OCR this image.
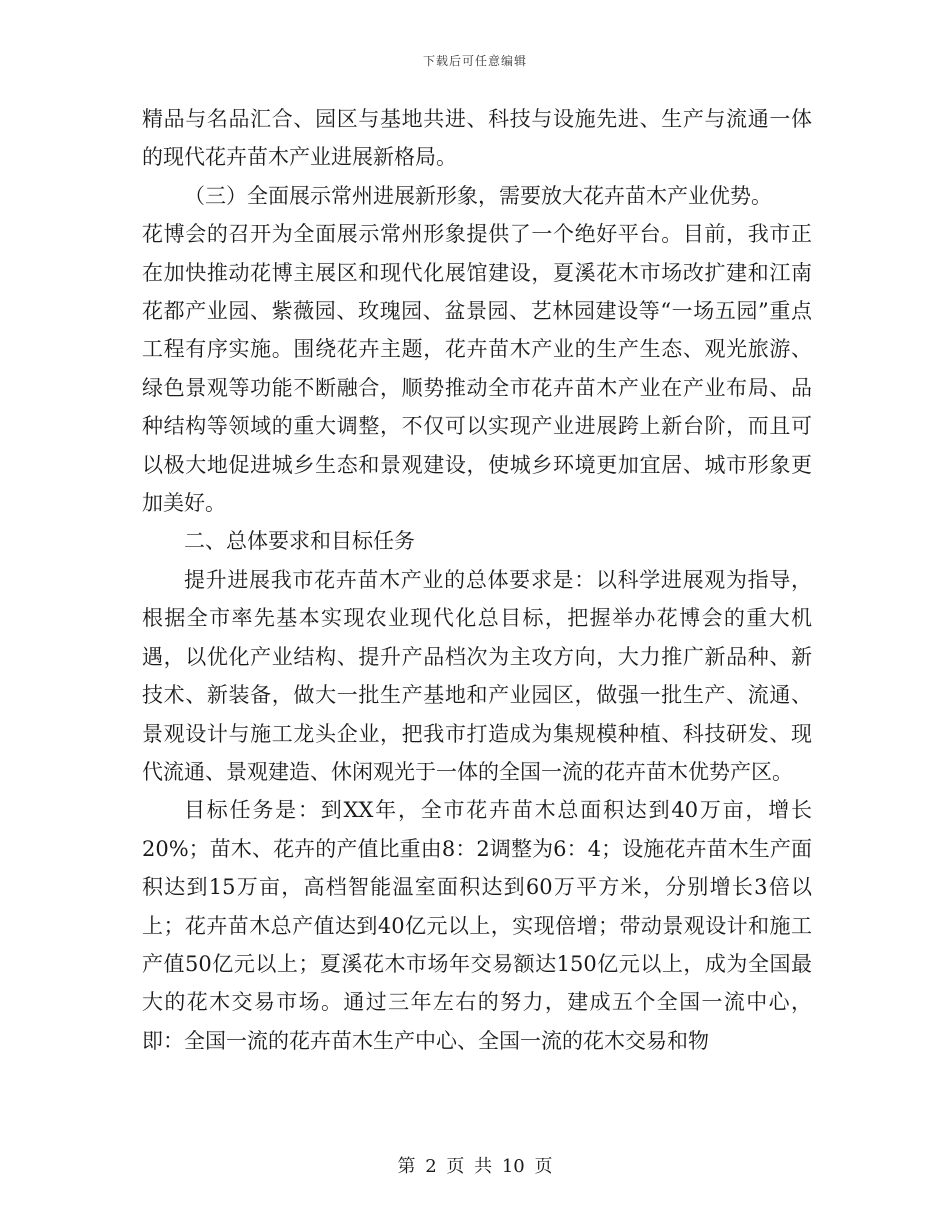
下载后可任意编辑

精品与名品汇合、园区与基地共进、科技与设施先进、生产与流通一体的现代花卉苗木产业进展新格局。

（三）全面展示常州进展新形象，需要放大花卉苗木产业优势。

花博会的召开为全面展示常州形象提供了一个绝好平台。目前，我市正在加快推动花博主展区和现代化展馆建设，夏溪花木市场改扩建和江南花都产业园、紫薇园、玫瑰园、盆景园、艺林园建设等“一场五园”重点工程有序实施。围绕花卉主题，花卉苗木产业的生产生态、观光旅游、绿色景观等功能不断融合，顺势推动全市花卉苗木产业在产业布局、品种结构等领域的重大调整，不仅可以实现产业进展跨上新台阶，而且可以极大地促进城乡生态和景观建设，使城乡环境更加宜居、城市形象更加美好。

二、总体要求和目标任务

提升进展我市花卉苗木产业的总体要求是：以科学进展观为指导，根据全市率先基本实现农业现代化总目标，把握举办花博会的重大机遇，以优化产业结构、提升产品档次为主攻方向，大力推广新品种、新技术、新装备，做大一批生产基地和产业园区，做强一批生产、流通、景观设计与施工龙头企业，把我市打造成为集规模种植、科技研发、现代流通、景观建造、休闲观光于一体的全国一流的花卉苗木优势产区。

目标任务是：到XX年，全市花卉苗木总面积达到40万亩，增长20%；苗木、花卉的产值比重由8：2调整为6：4；设施花卉苗木生产面积达到15万亩，高档智能温室面积达到60万平方米，分别增长3倍以上；花卉苗木总产值达到40亿元以上，实现倍增；带动景观设计和施工产值50亿元以上；夏溪花木市场年交易额达150亿元以上，成为全国最大的花木交易市场。通过三年左右的努力，建成五个全国一流中心，即：全国一流的花卉苗木生产中心、全国一流的花木交易和物

第 2 页 共 10 页
